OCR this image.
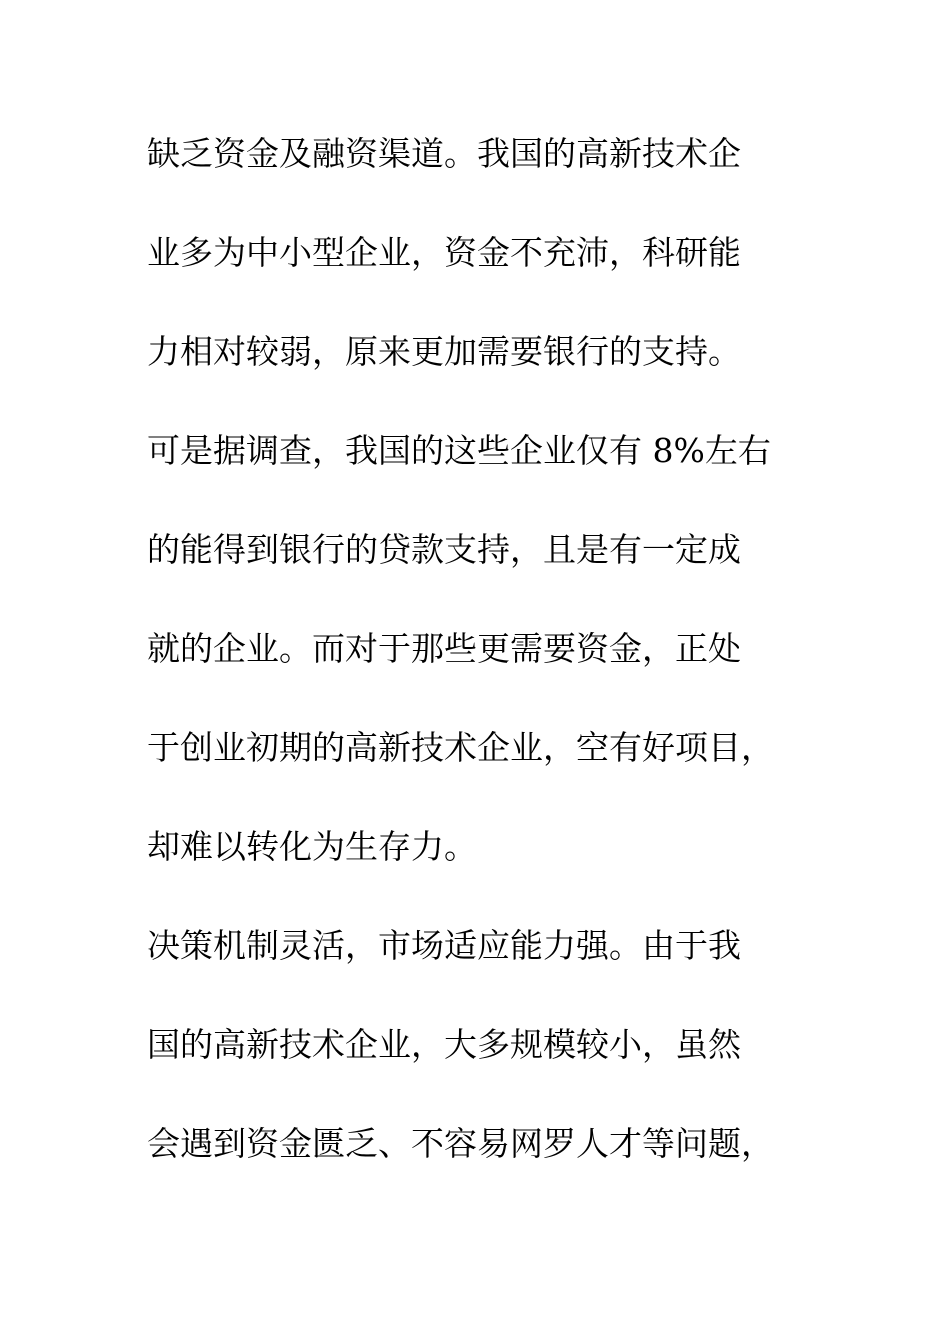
缺乏资金及融资渠道。我国的高新技术企
业多为中小型企业，资金不充沛，科研能
力相对较弱，原来更加需要银行的支持。
可是据调查，我国的这些企业仅有 8%左右
的能得到银行的贷款支持，且是有一定成
就的企业。而对于那些更需要资金，正处
于创业初期的高新技术企业，空有好项目，
却难以转化为生存力。
决策机制灵活，市场适应能力强。由于我
国的高新技术企业，大多规模较小，虽然
会遇到资金匮乏、不容易网罗人才等问题，
